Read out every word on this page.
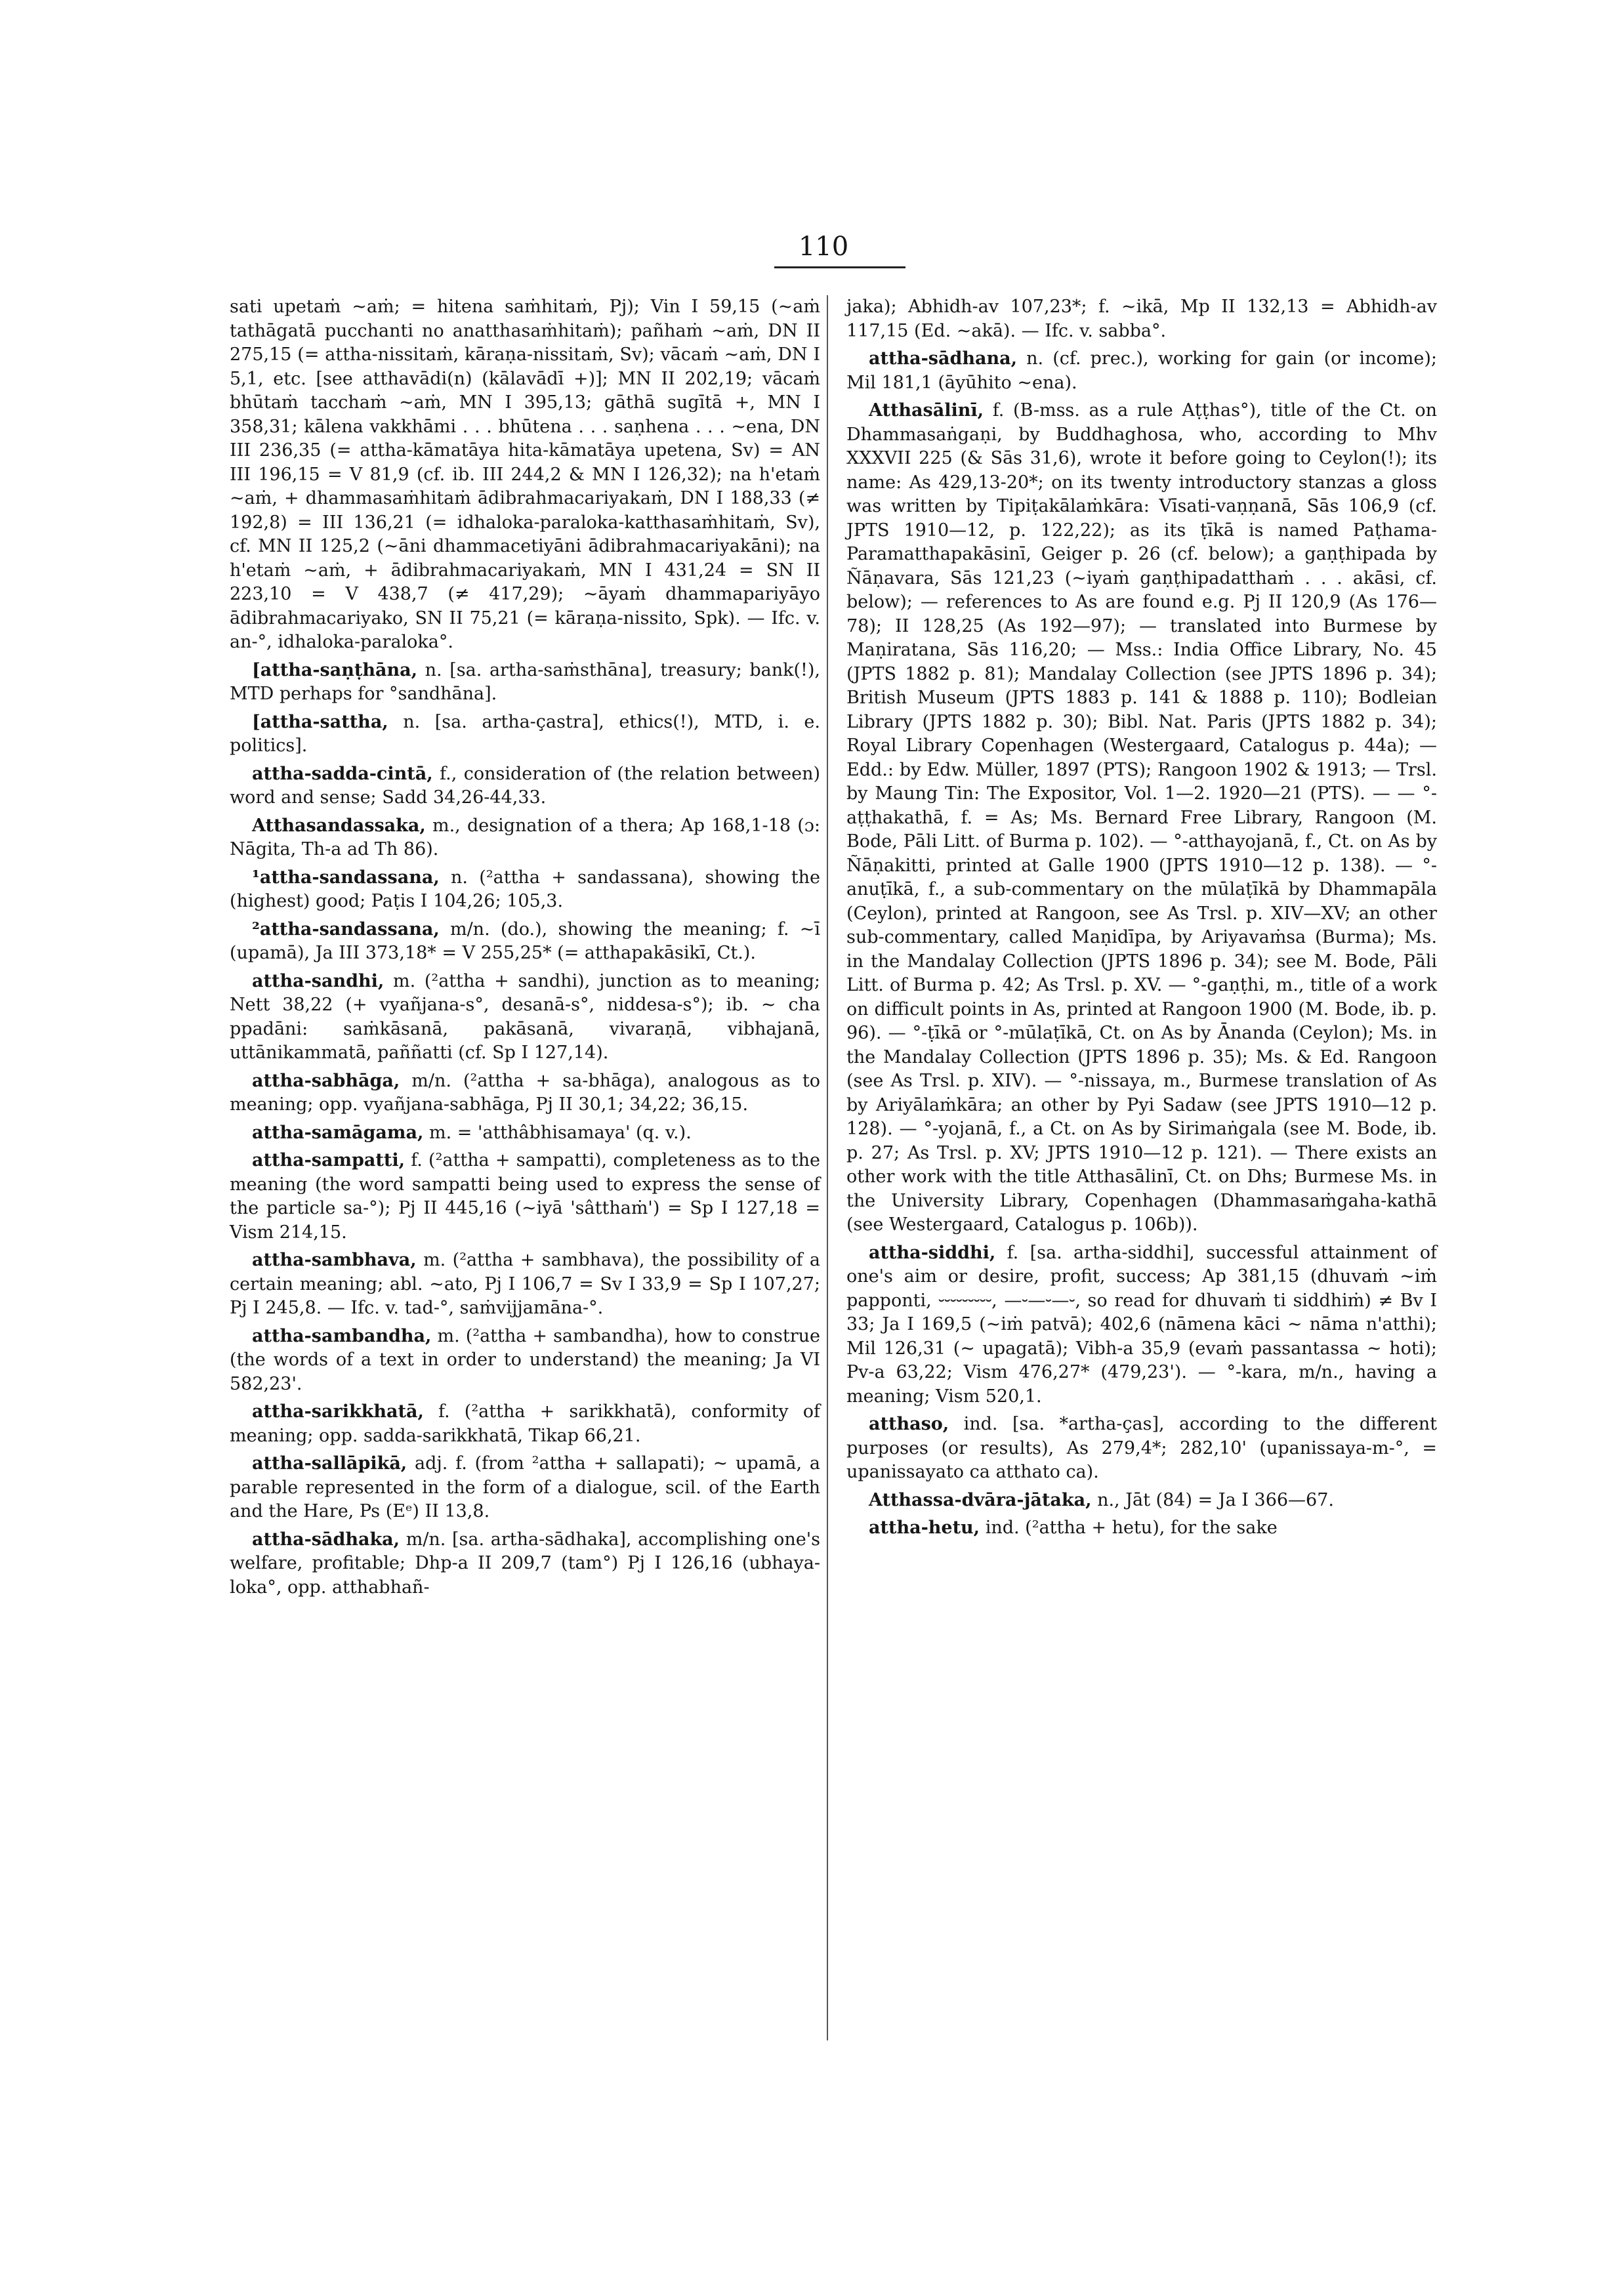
110

sati upetaṁ ~aṁ; = hitena saṁhitaṁ, Pj); Vin I 59,15 (~aṁ tathāgatā pucchanti no anatthasaṁhitaṁ); pañhaṁ ~aṁ, DN II 275,15 (= attha-nissitaṁ, kāraṇa-nissitaṁ, Sv); vācaṁ ~aṁ, DN I 5,1, etc. [see atthavādi(n) (kālavādī +)]; MN II 202,19; vācaṁ bhūtaṁ tacchaṁ ~aṁ, MN I 395,13; gāthā sugītā +, MN I 358,31; kālena vakkhāmi . . . bhūtena . . . saṇhena . . . ~ena, DN III 236,35 (= attha-kāmatāya hita-kāmatāya upetena, Sv) = AN III 196,15 = V 81,9 (cf. ib. III 244,2 & MN I 126,32); na h'etaṁ ~aṁ, + dhammasaṁhitaṁ ādibrahmacariyakaṁ, DN I 188,33 (≠ 192,8) = III 136,21 (= idhaloka-paraloka-katthasaṁhitaṁ, Sv), cf. MN II 125,2 (~āni dhammacetiyāni ādibrahmacariyakāni); na h'etaṁ ~aṁ, + ādibrahmacariyakaṁ, MN I 431,24 = SN II 223,10 = V 438,7 (≠ 417,29); ~āyaṁ dhammapariyāyo ādibrahmacariyako, SN II 75,21 (= kāraṇa-nissito, Spk). — Ifc. v. an-°, idhaloka-paraloka°.

[attha-saṇṭhāna, n. [sa. artha-saṁsthāna], treasury; bank(!), MTD perhaps for °sandhāna].

[attha-sattha, n. [sa. artha-çastra], ethics(!), MTD, i. e. politics].

attha-sadda-cintā, f., consideration of (the relation between) word and sense; Sadd 34,26-44,33.

Atthasandassaka, m., designation of a thera; Ap 168,1-18 (ɔ: Nāgita, Th-a ad Th 86).

¹attha-sandassana, n. (²attha + sandassana), showing the (highest) good; Paṭis I 104,26; 105,3.

²attha-sandassana, m/n. (do.), showing the meaning; f. ~ī (upamā), Ja III 373,18* = V 255,25* (= atthapakāsikī, Ct.).

attha-sandhi, m. (²attha + sandhi), junction as to meaning; Nett 38,22 (+ vyañjana-s°, desanā-s°, niddesa-s°); ib. ~ cha ppadāni: saṁkāsanā, pakāsanā, vivaraṇā, vibhajanā, uttānikammatā, paññatti (cf. Sp I 127,14).

attha-sabhāga, m/n. (²attha + sa-bhāga), analogous as to meaning; opp. vyañjana-sabhāga, Pj II 30,1; 34,22; 36,15.

attha-samāgama, m. = 'atthâbhisamaya' (q. v.).

attha-sampatti, f. (²attha + sampatti), completeness as to the meaning (the word sampatti being used to express the sense of the particle sa-°); Pj II 445,16 (~iyā 'sâtthaṁ') = Sp I 127,18 = Vism 214,15.

attha-sambhava, m. (²attha + sambhava), the possibility of a certain meaning; abl. ~ato, Pj I 106,7 = Sv I 33,9 = Sp I 107,27; Pj I 245,8. — Ifc. v. tad-°, saṁvijjamāna-°.

attha-sambandha, m. (²attha + sambandha), how to construe (the words of a text in order to understand) the meaning; Ja VI 582,23'.

attha-sarikkhatā, f. (²attha + sarikkhatā), conformity of meaning; opp. sadda-sarikkhatā, Tikap 66,21.

attha-sallāpikā, adj. f. (from ²attha + sallapati); ~ upamā, a parable represented in the form of a dialogue, scil. of the Earth and the Hare, Ps (Eᵉ) II 13,8.

attha-sādhaka, m/n. [sa. artha-sādhaka], accomplishing one's welfare, profitable; Dhp-a II 209,7 (tam°) Pj I 126,16 (ubhaya-loka°, opp. atthabhañ-

jaka); Abhidh-av 107,23*; f. ~ikā, Mp II 132,13 = Abhidh-av 117,15 (Ed. ~akā). — Ifc. v. sabba°.

attha-sādhana, n. (cf. prec.), working for gain (or income); Mil 181,1 (āyūhito ~ena).

Atthasālinī, f. (B-mss. as a rule Aṭṭhas°), title of the Ct. on Dhammasaṅgaṇi, by Buddhaghosa, who, according to Mhv XXXVII 225 (& Sās 31,6), wrote it before going to Ceylon(!); its name: As 429,13-20*; on its twenty introductory stanzas a gloss was written by Tipiṭakālaṁkāra: Vīsati-vaṇṇanā, Sās 106,9 (cf. JPTS 1910—12, p. 122,22); as its ṭīkā is named Paṭhama-Paramatthapakāsinī, Geiger p. 26 (cf. below); a gaṇṭhipada by Ñāṇavara, Sās 121,23 (~iyaṁ gaṇṭhipadatthaṁ . . . akāsi, cf. below); — references to As are found e.g. Pj II 120,9 (As 176—78); II 128,25 (As 192—97); — translated into Burmese by Maṇiratana, Sās 116,20; — Mss.: India Office Library, No. 45 (JPTS 1882 p. 81); Mandalay Collection (see JPTS 1896 p. 34); British Museum (JPTS 1883 p. 141 & 1888 p. 110); Bodleian Library (JPTS 1882 p. 30); Bibl. Nat. Paris (JPTS 1882 p. 34); Royal Library Copenhagen (Westergaard, Catalogus p. 44a); — Edd.: by Edw. Müller, 1897 (PTS); Rangoon 1902 & 1913; — Trsl. by Maung Tin: The Expositor, Vol. 1—2. 1920—21 (PTS). — — °-aṭṭhakathā, f. = As; Ms. Bernard Free Library, Rangoon (M. Bode, Pāli Litt. of Burma p. 102). — °-atthayojanā, f., Ct. on As by Ñāṇakitti, printed at Galle 1900 (JPTS 1910—12 p. 138). — °-anuṭīkā, f., a sub-commentary on the mūlaṭīkā by Dhammapāla (Ceylon), printed at Rangoon, see As Trsl. p. XIV—XV; an other sub-commentary, called Maṇidīpa, by Ariyavaṁsa (Burma); Ms. in the Mandalay Collection (JPTS 1896 p. 34); see M. Bode, Pāli Litt. of Burma p. 42; As Trsl. p. XV. — °-gaṇṭhi, m., title of a work on difficult points in As, printed at Rangoon 1900 (M. Bode, ib. p. 96). — °-ṭīkā or °-mūlaṭīkā, Ct. on As by Ānanda (Ceylon); Ms. in the Mandalay Collection (JPTS 1896 p. 35); Ms. & Ed. Rangoon (see As Trsl. p. XIV). — °-nissaya, m., Burmese translation of As by Ariyālaṁkāra; an other by Pyi Sadaw (see JPTS 1910—12 p. 128). — °-yojanā, f., a Ct. on As by Sirimaṅgala (see M. Bode, ib. p. 27; As Trsl. p. XV; JPTS 1910—12 p. 121). — There exists an other work with the title Atthasālinī, Ct. on Dhs; Burmese Ms. in the University Library, Copenhagen (Dhammasaṁgaha-kathā (see Westergaard, Catalogus p. 106b)).

attha-siddhi, f. [sa. artha-siddhi], successful attainment of one's aim or desire, profit, success; Ap 381,15 (dhuvaṁ ~iṁ papponti, ⏑⏑⏑⏑⏑⏑⏑⏑⏑, —⏑—⏑—⏑, so read for dhuvaṁ ti siddhiṁ) ≠ Bv I 33; Ja I 169,5 (~iṁ patvā); 402,6 (nāmena kāci ~ nāma n'atthi); Mil 126,31 (~ upagatā); Vibh-a 35,9 (evaṁ passantassa ~ hoti); Pv-a 63,22; Vism 476,27* (479,23'). — °-kara, m/n., having a meaning; Vism 520,1.

atthaso, ind. [sa. *artha-ças], according to the different purposes (or results), As 279,4*; 282,10' (upanissaya-m-°, = upanissayato ca atthato ca).

Atthassa-dvāra-jātaka, n., Jāt (84) = Ja I 366—67.

attha-hetu, ind. (²attha + hetu), for the sake
